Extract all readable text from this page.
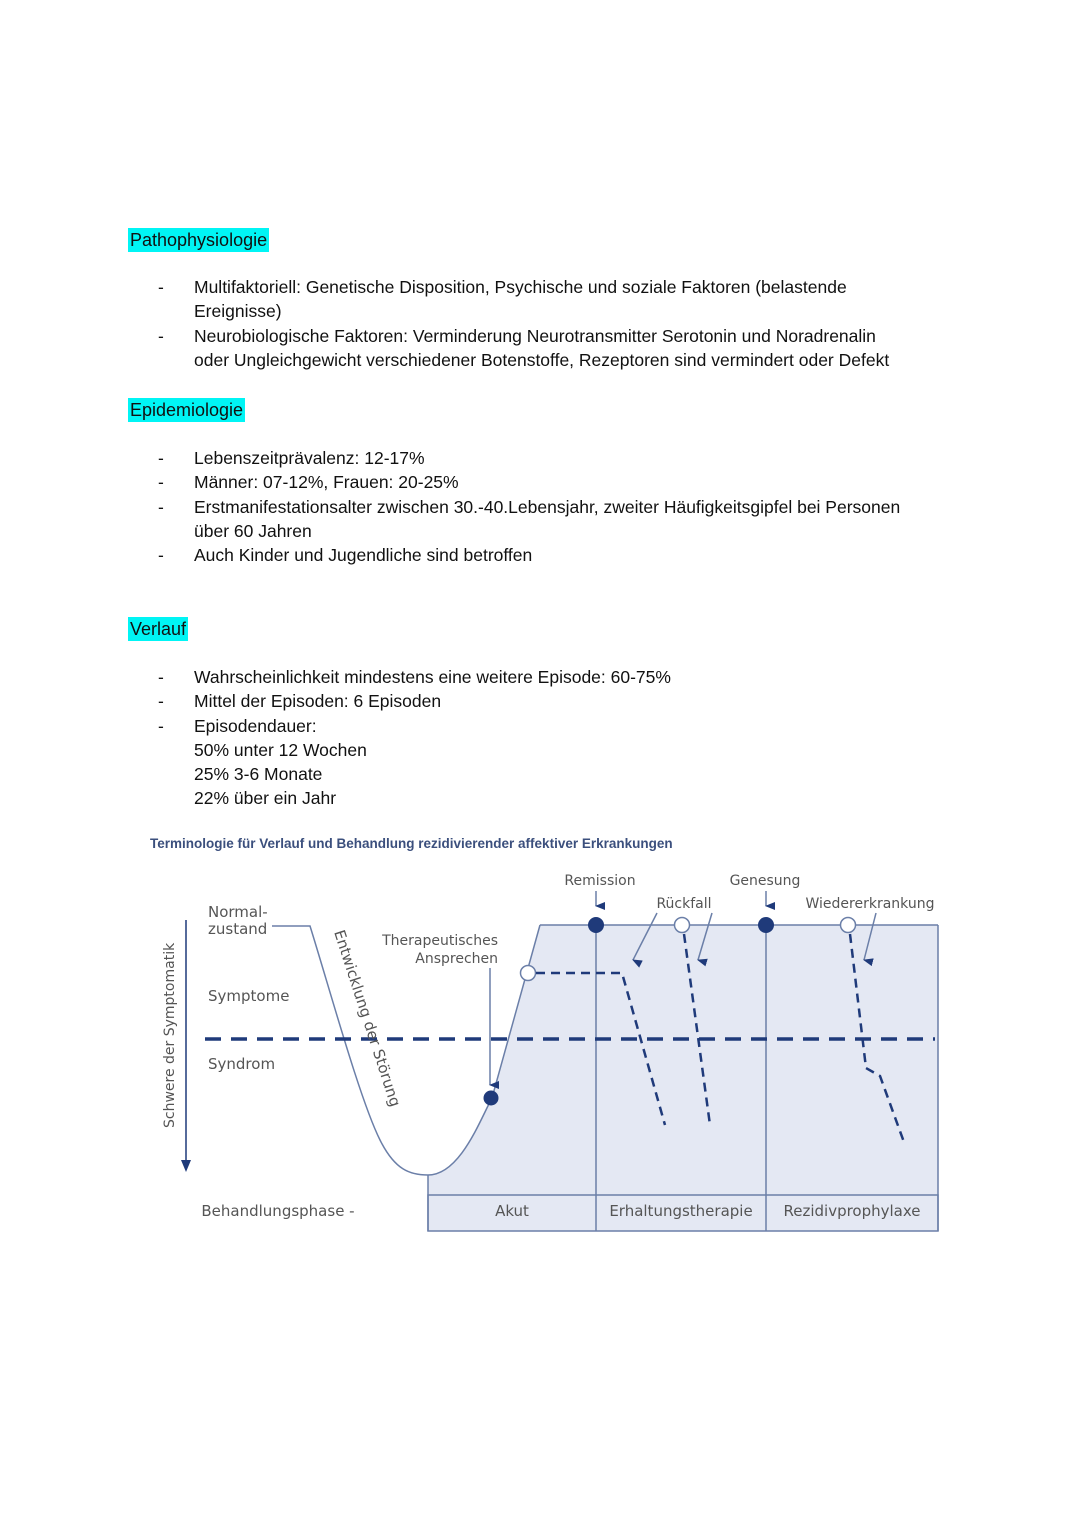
Pathophysiologie
- Multifaktoriell: Genetische Disposition, Psychische und soziale Faktoren (belastende
Ereignisse)
- Neurobiologische Faktoren: Verminderung Neurotransmitter Serotonin und Noradrenalin
oder Ungleichgewicht verschiedener Botenstoffe, Rezeptoren sind vermindert oder Defekt
Epidemiologie
- Lebenszeitprävalenz: 12-17%
- Männer: 07-12%, Frauen: 20-25%
- Erstmanifestationsalter zwischen 30.-40.Lebensjahr, zweiter Häufigkeitsgipfel bei Personen
über 60 Jahren
- Auch Kinder und Jugendliche sind betroffen
Verlauf
- Wahrscheinlichkeit mindestens eine weitere Episode: 60-75%
- Mittel der Episoden: 6 Episoden
- Episodendauer:
50% unter 12 Wochen
25% 3-6 Monate
22% über ein Jahr
Terminologie für Verlauf und Behandlung rezidivierender affektiver Erkrankungen
Schwere der Symptomatik
Normal-
zustand
Symptome
Syndrom	Entwicklung der Störung
Therapeutisches
Ansprechen
Remission
Rückfall
Genesung
Wiedererkrankung
Behandlungsphase -	Akut	Erhaltungstherapie Rezidivprophylaxe
